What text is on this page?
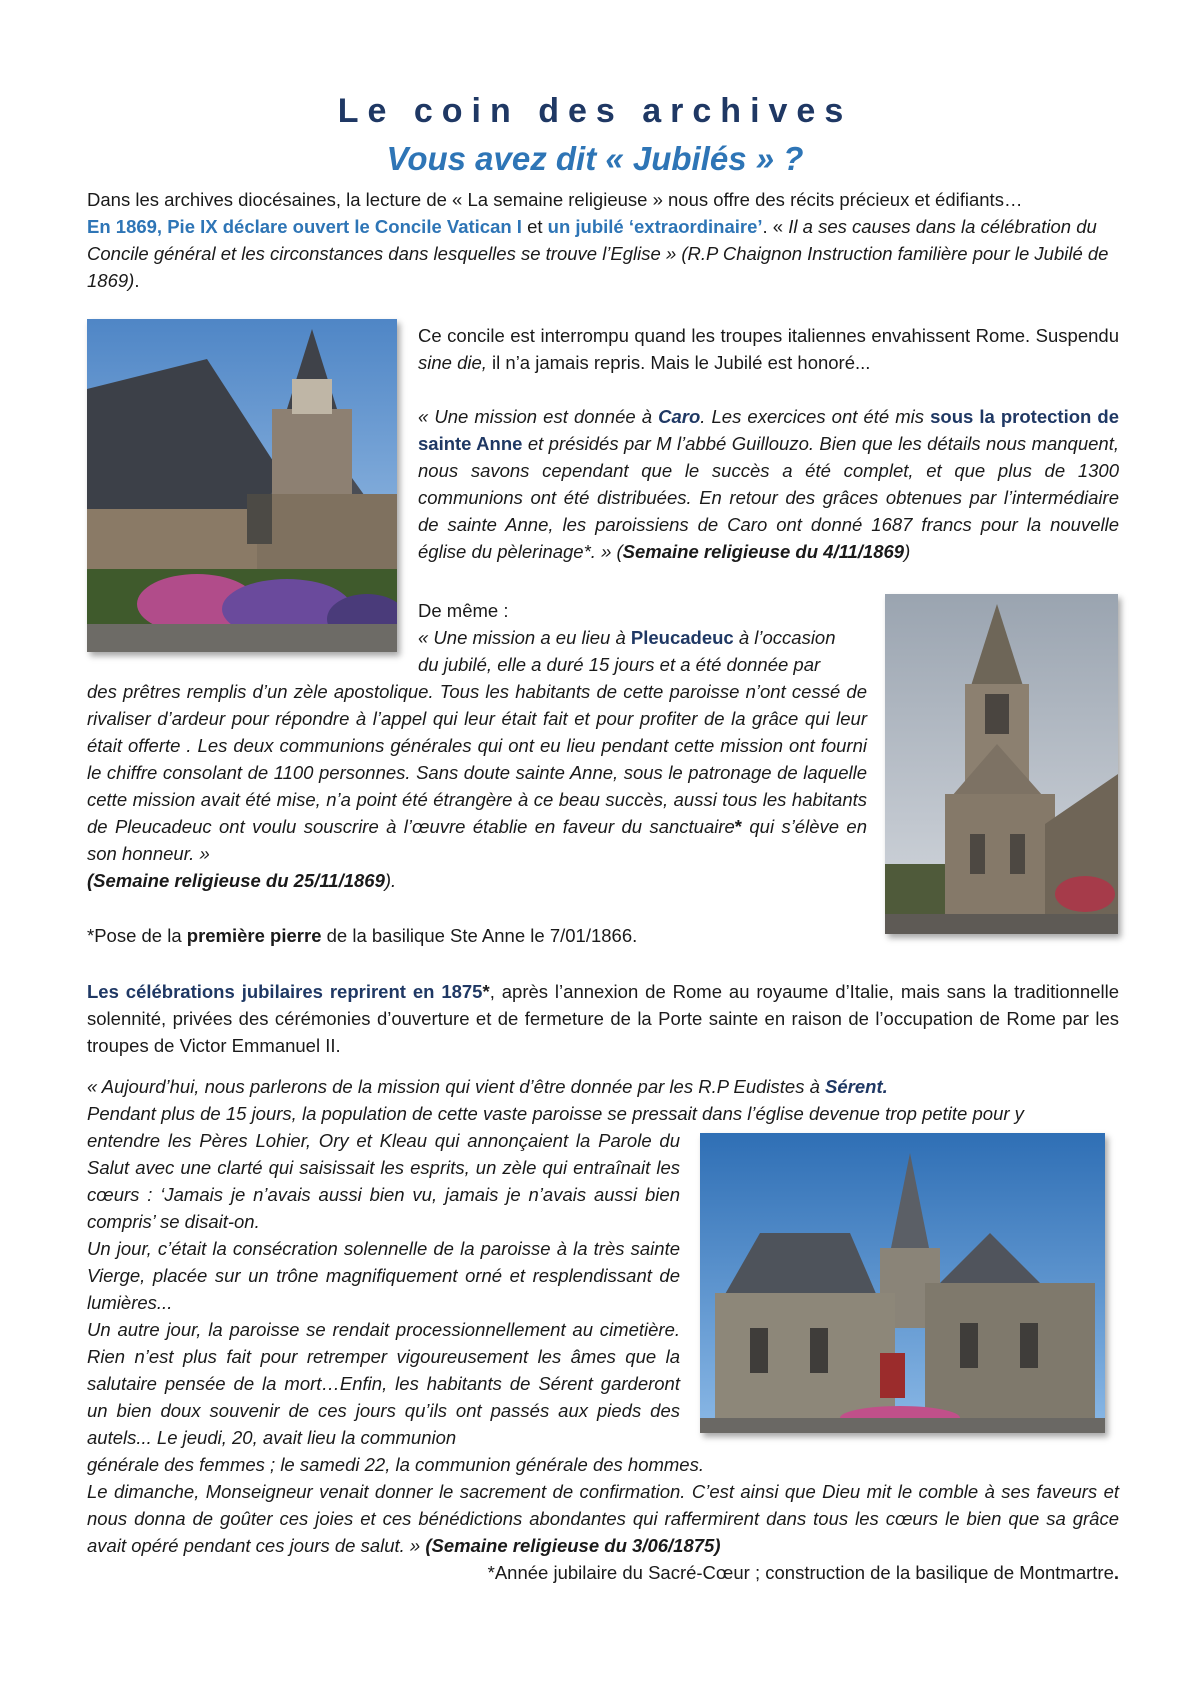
Le coin des archives
Vous avez dit « Jubilés » ?
Dans les archives diocésaines, la lecture de « La semaine religieuse » nous offre des récits précieux et édifiants…
En 1869, Pie IX déclare ouvert le Concile Vatican I et un jubilé ‘extraordinaire’. « Il a ses causes dans la célébration du Concile général et les circonstances dans lesquelles se trouve l’Eglise » (R.P Chaignon Instruction familière pour le Jubilé de 1869).
Ce concile est interrompu quand les troupes italiennes envahissent Rome. Suspendu sine die, il n’a jamais repris. Mais le Jubilé est honoré...
« Une mission est donnée à Caro. Les exercices ont été mis sous la protection de sainte Anne et présidés par M l’abbé Guillouzo. Bien que les détails nous manquent, nous savons cependant que le succès a été complet, et que plus de 1300 communions ont été distribuées. En retour des grâces obtenues par l’intermédiaire de sainte Anne, les paroissiens de Caro ont donné 1687 francs pour la nouvelle église du pèlerinage*. » (Semaine religieuse du 4/11/1869)
De même :
« Une mission a eu lieu à Pleucadeuc à l’occasion
du jubilé, elle a duré 15 jours et a été donnée par
des prêtres remplis d’un zèle apostolique. Tous les habitants de cette paroisse n’ont cessé de rivaliser d’ardeur pour répondre à l’appel qui leur était fait et pour profiter de la grâce qui leur était offerte . Les deux communions générales qui ont eu lieu pendant cette mission ont fourni le chiffre consolant de 1100 personnes. Sans doute sainte Anne, sous le patronage de laquelle cette mission avait été mise, n’a point été étrangère à ce beau succès, aussi tous les habitants de Pleucadeuc ont voulu souscrire à l’œuvre établie en faveur du sanctuaire* qui s’élève en son honneur. »
(Semaine religieuse du 25/11/1869).
*Pose de la première pierre de la basilique Ste Anne le 7/01/1866.
Les célébrations jubilaires reprirent en 1875*, après l’annexion de Rome au royaume d’Italie, mais sans la traditionnelle solennité, privées des cérémonies d’ouverture et de fermeture de la Porte sainte en raison de l’occupation de Rome par les troupes de Victor Emmanuel II.
« Aujourd’hui, nous parlerons de la mission qui vient d’être donnée par les R.P Eudistes à Sérent.
Pendant plus de 15 jours, la population de cette vaste paroisse se pressait dans l’église devenue trop petite pour y
entendre les Pères Lohier, Ory et Kleau qui annonçaient la Parole du Salut avec une clarté qui saisissait les esprits, un zèle qui entraînait les cœurs : ‘Jamais je n’avais aussi bien vu, jamais je n’avais aussi bien compris’ se disait-on.
Un jour, c’était la consécration solennelle de la paroisse à la très sainte Vierge, placée sur un trône magnifiquement orné et resplendissant de lumières...
Un autre jour, la paroisse se rendait processionnellement au cimetière. Rien n’est plus fait pour retremper vigoureusement les âmes que la salutaire pensée de la mort…Enfin, les habitants de Sérent garderont un bien doux souvenir de ces jours qu’ils ont passés aux pieds des autels... Le jeudi, 20, avait lieu la communion
générale des femmes ; le samedi 22, la communion générale des hommes.
Le dimanche, Monseigneur venait donner le sacrement de confirmation. C’est ainsi que Dieu mit le comble à ses faveurs et nous donna de goûter ces joies et ces bénédictions abondantes qui raffermirent dans tous les cœurs le bien que sa grâce avait opéré pendant ces jours de salut. » (Semaine religieuse du 3/06/1875)
*Année jubilaire du Sacré-Cœur ; construction de la basilique de Montmartre.
